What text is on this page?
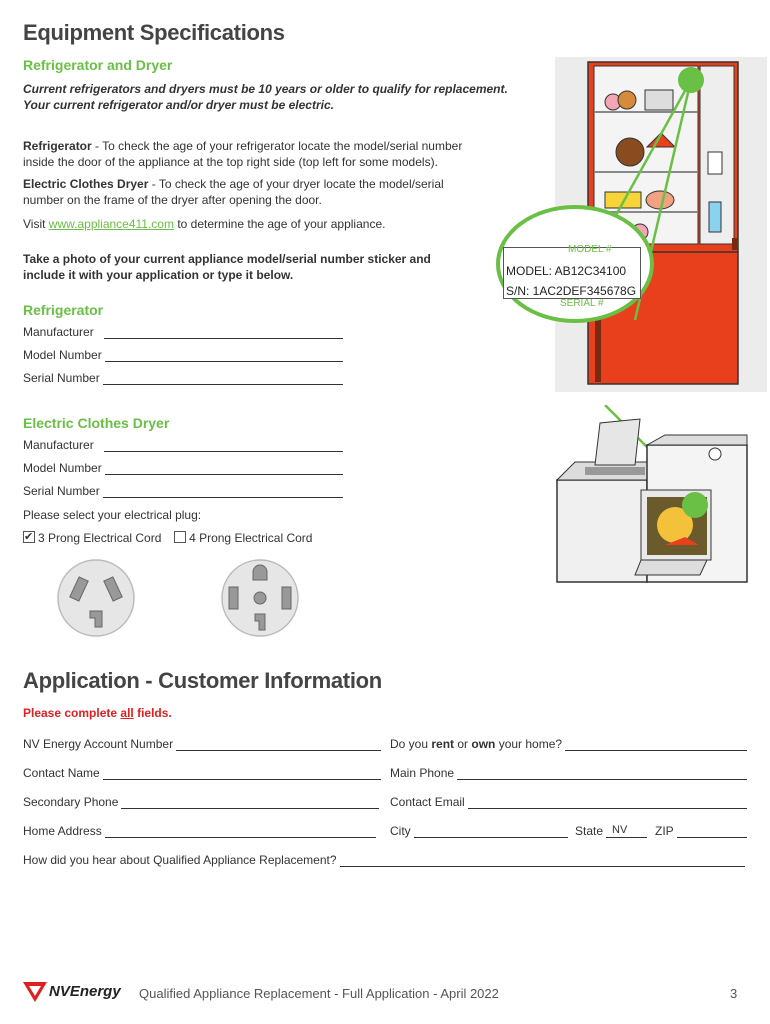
Equipment Specifications
Refrigerator and Dryer
Current refrigerators and dryers must be 10 years or older to qualify for replacement.
Your current refrigerator and/or dryer must be electric.
Refrigerator - To check the age of your refrigerator locate the model/serial number
inside the door of the appliance at the top right side (top left for some models).
Electric Clothes Dryer - To check the age of your dryer locate the model/serial
number on the frame of the dryer after opening the door.
Visit www.appliance411.com to determine the age of your appliance.
Take a photo of your current appliance model/serial number sticker and
include it with your application or type it below.
Refrigerator
Manufacturer
Model Number
Serial Number
Electric Clothes Dryer
Manufacturer
Model Number
Serial Number
Please select your electrical plug:
✔3 Prong Electrical Cord 4 Prong Electrical Cord
MODEL #
MODEL: AB12C34100
S/N: 1AC2DEF345678G
SERIAL #
Application - Customer Information
Please complete all fields.
NV Energy Account Number	Do you rent or own your home?
Contact Name	Main Phone
Secondary Phone	Contact Email
Home Address	City	State NV ZIP
How did you hear about Qualified Appliance Replacement?
NVEnergy Qualified Appliance Replacement - Full Application - April 2022	3
